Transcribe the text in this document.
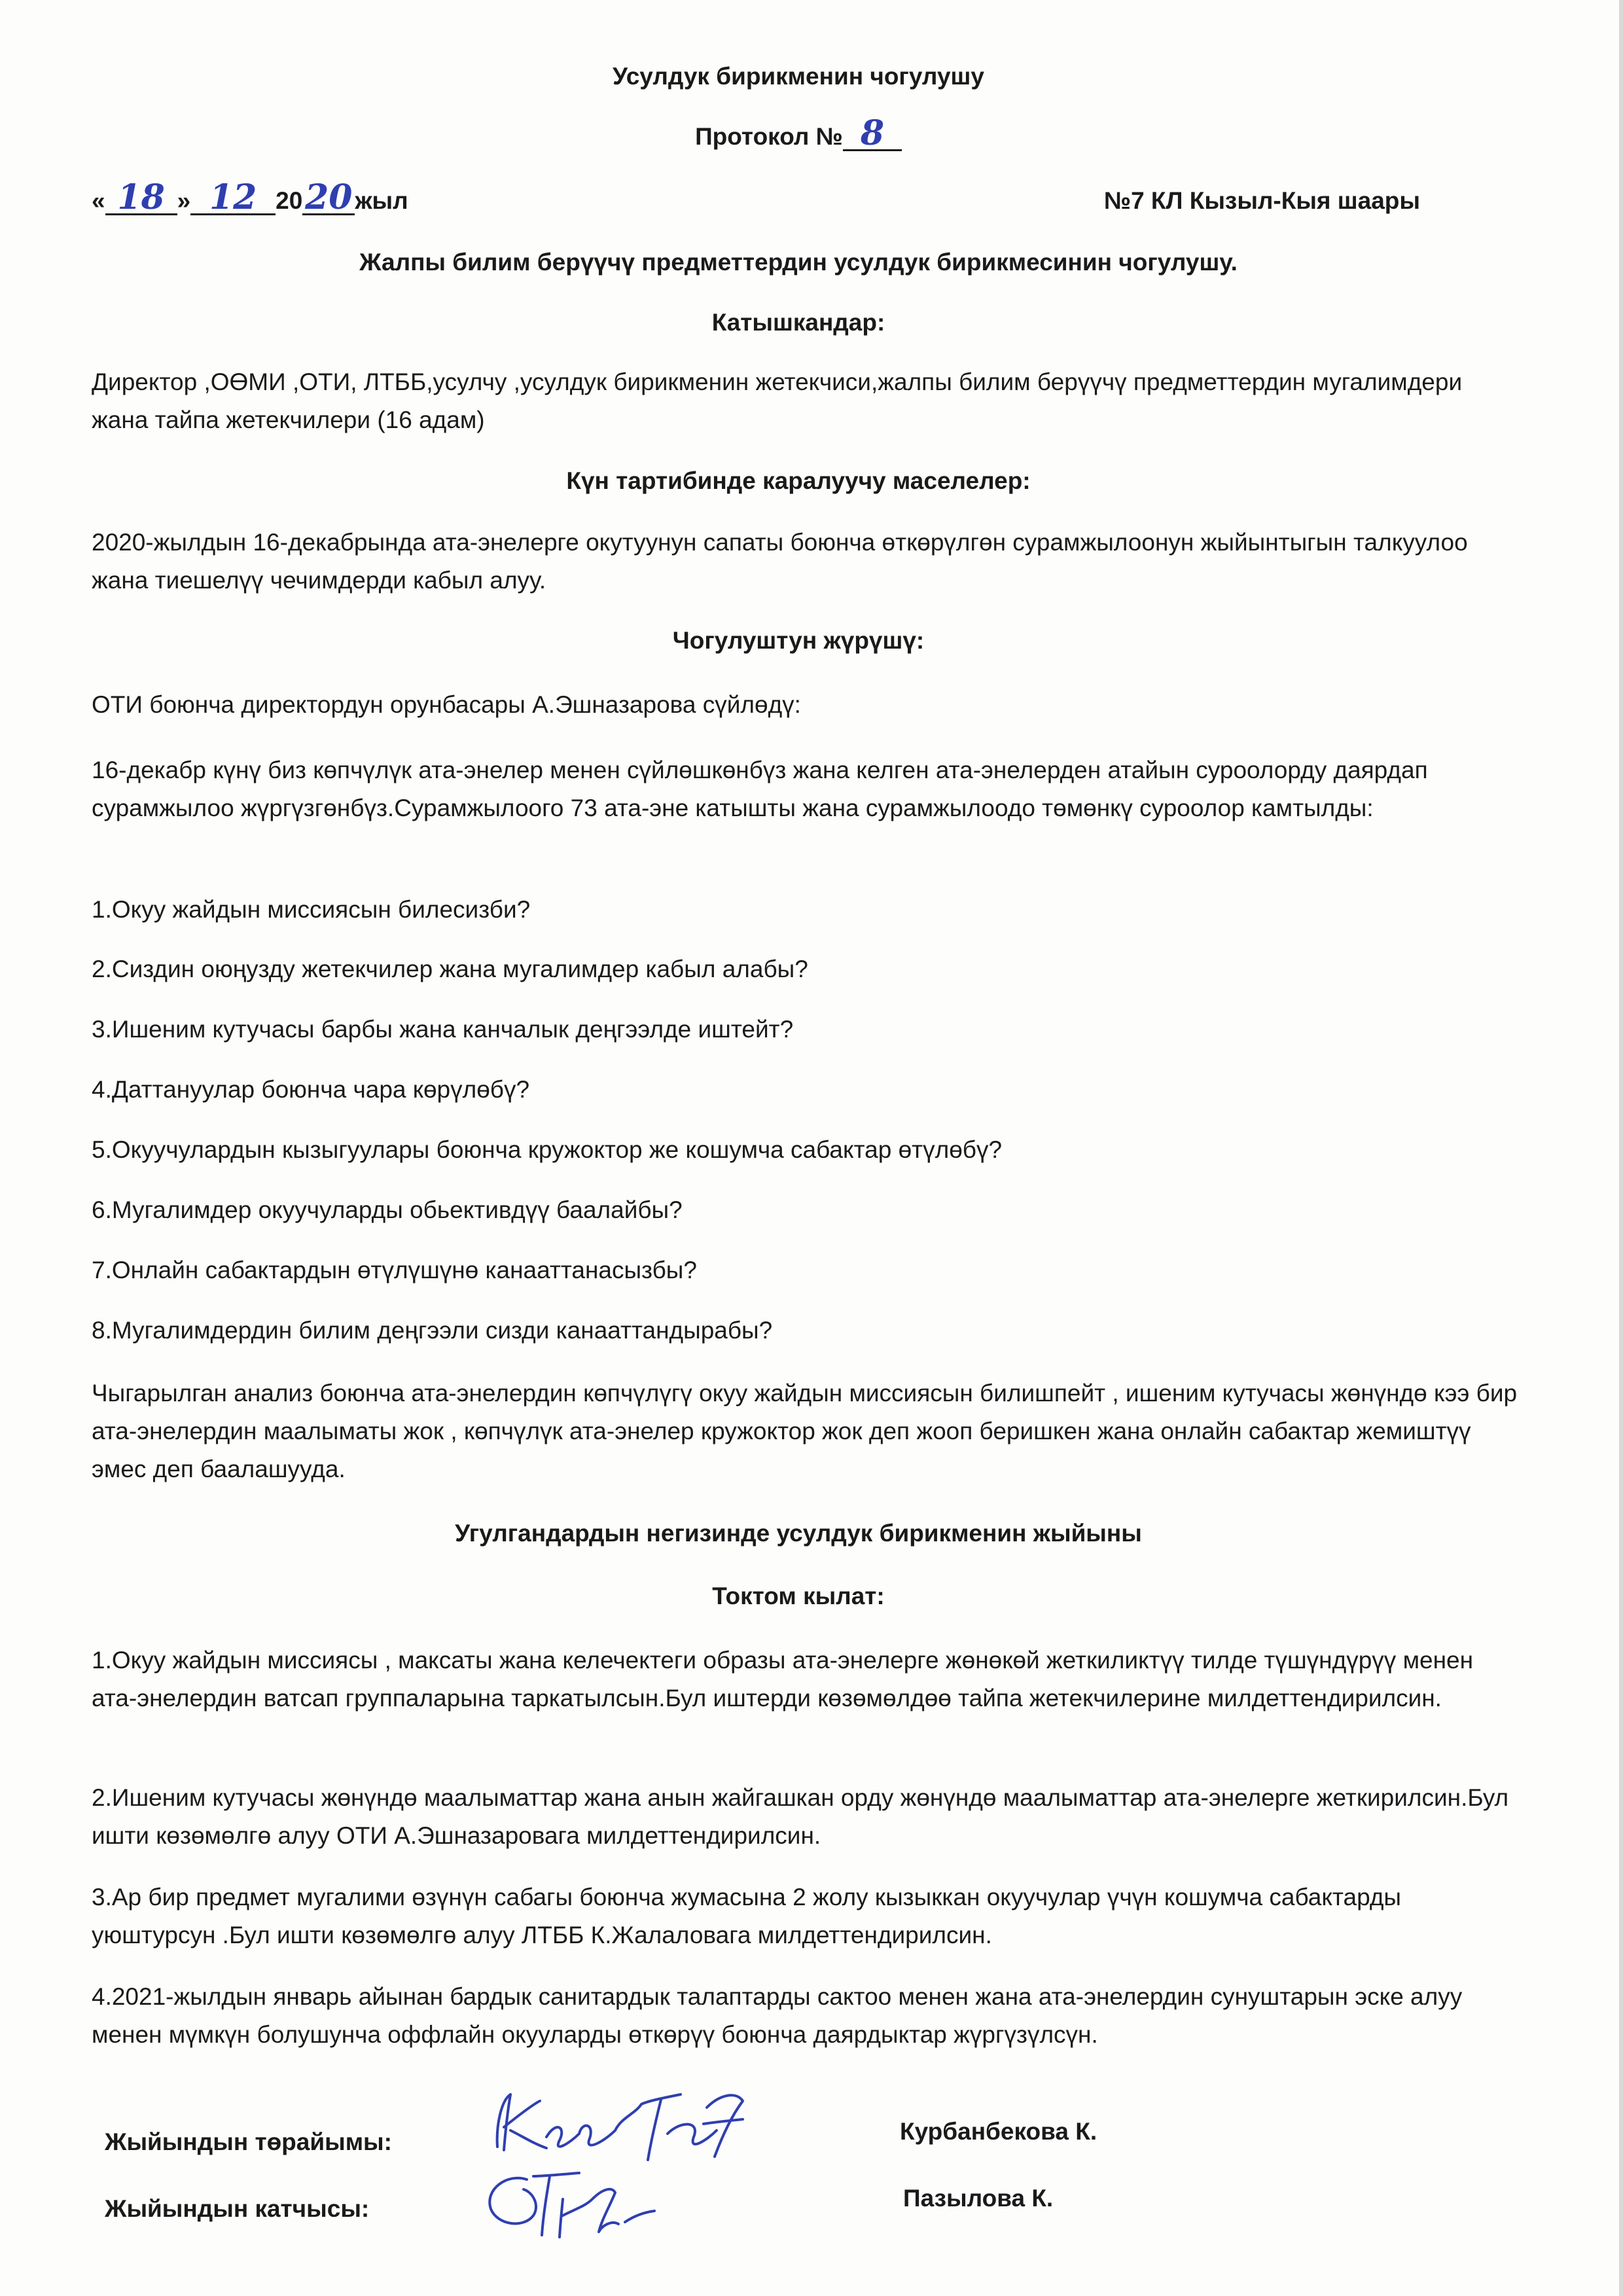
Усулдук бирикменин чогулушу

Протокол № 8

« 18 » 12 2020 жыл	№7 КЛ Кызыл-Кыя шаары

Жалпы билим берүүчү предметтердин усулдук бирикмесинин чогулушу.

Катышкандар:

Директор ,ОӨМИ ,ОТИ, ЛТББ,усулчу ,усулдук бирикменин жетекчиси,жалпы билим берүүчү предметтердин мугалимдери жана тайпа жетекчилери (16 адам)

Күн тартибинде каралуучу маселелер:

2020-жылдын 16-декабрында ата-энелерге окутуунун сапаты боюнча өткөрүлгөн сурамжылоонун жыйынтыгын талкуулоо жана тиешелүү чечимдерди кабыл алуу.

Чогулуштун жүрүшү:

ОТИ боюнча директордун орунбасары А.Эшназарова сүйлөдү:

16-декабр күнү биз көпчүлүк ата-энелер менен сүйлөшкөнбүз жана келген ата-энелерден атайын суроолорду даярдап сурамжылоо жүргүзгөнбүз.Сурамжылоого 73 ата-эне катышты жана сурамжылоодо төмөнкү суроолор камтылды:

1.Окуу жайдын миссиясын билесизби?

2.Сиздин оюңузду жетекчилер жана мугалимдер кабыл алабы?

3.Ишеним кутучасы барбы жана канчалык деңгээлде иштейт?

4.Даттануулар боюнча чара көрүлөбү?

5.Окуучулардын кызыгуулары боюнча кружоктор же кошумча сабактар өтүлөбү?

6.Мугалимдер окуучуларды обьективдүү баалайбы?

7.Онлайн сабактардын өтүлүшүнө канааттанасызбы?

8.Мугалимдердин билим деңгээли сизди канааттандырабы?

Чыгарылган анализ боюнча ата-энелердин көпчүлүгү окуу жайдын миссиясын билишпейт , ишеним кутучасы жөнүндө кээ бир ата-энелердин маалыматы жок , көпчүлүк ата-энелер кружоктор жок деп жооп беришкен жана онлайн сабактар жемиштүү эмес деп баалашууда.

Угулгандардын негизинде усулдук бирикменин жыйыны

Токтом кылат:

1.Окуу жайдын миссиясы , максаты жана келечектеги образы ата-энелерге жөнөкөй жеткиликтүү тилде түшүндүрүү менен ата-энелердин ватсап группаларына таркатылсын.Бул иштерди көзөмөлдөө тайпа жетекчилерине милдеттендирилсин.

2.Ишеним кутучасы жөнүндө маалыматтар жана анын жайгашкан орду жөнүндө маалыматтар ата-энелерге жеткирилсин.Бул ишти көзөмөлгө алуу ОТИ А.Эшназаровага милдеттендирилсин.

3.Ар бир предмет мугалими өзүнүн сабагы боюнча жумасына 2 жолу кызыккан окуучулар үчүн кошумча сабактарды уюштурсун .Бул ишти көзөмөлгө алуу ЛТББ К.Жалаловага милдеттендирилсин.

4.2021-жылдын январь айынан бардык санитардык талаптарды сактоо менен жана ата-энелердин сунуштарын эске алуу менен мүмкүн болушунча оффлайн окууларды өткөрүү боюнча даярдыктар жүргүзүлсүн.

Жыйындын төрайымы:	Курбанбекова К.

Жыйындын катчысы:	Пазылова К.
